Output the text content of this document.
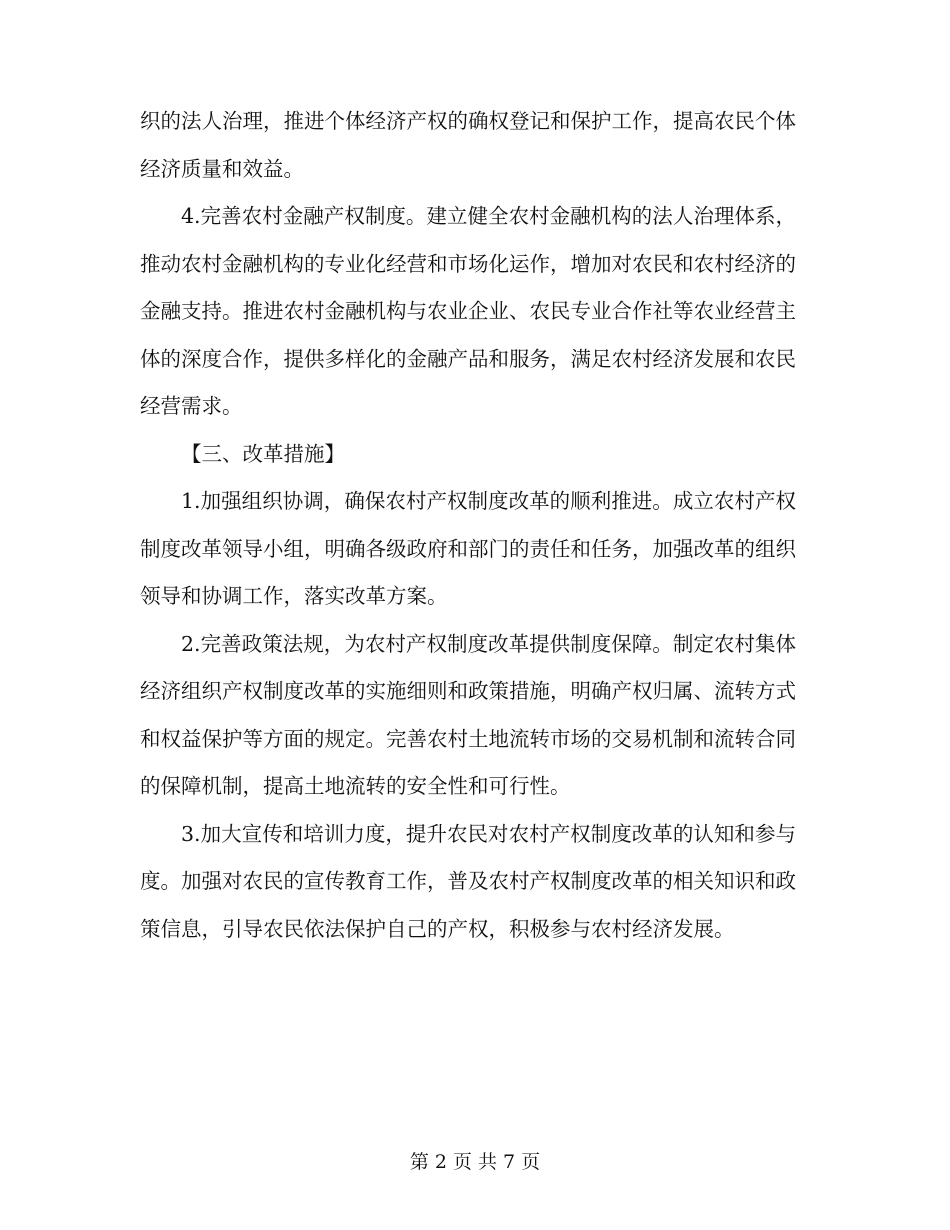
织的法人治理，推进个体经济产权的确权登记和保护工作，提高农民个体经济质量和效益。

4.完善农村金融产权制度。建立健全农村金融机构的法人治理体系，推动农村金融机构的专业化经营和市场化运作，增加对农民和农村经济的金融支持。推进农村金融机构与农业企业、农民专业合作社等农业经营主体的深度合作，提供多样化的金融产品和服务，满足农村经济发展和农民经营需求。

【三、改革措施】

1.加强组织协调，确保农村产权制度改革的顺利推进。成立农村产权制度改革领导小组，明确各级政府和部门的责任和任务，加强改革的组织领导和协调工作，落实改革方案。

2.完善政策法规，为农村产权制度改革提供制度保障。制定农村集体经济组织产权制度改革的实施细则和政策措施，明确产权归属、流转方式和权益保护等方面的规定。完善农村土地流转市场的交易机制和流转合同的保障机制，提高土地流转的安全性和可行性。

3.加大宣传和培训力度，提升农民对农村产权制度改革的认知和参与度。加强对农民的宣传教育工作，普及农村产权制度改革的相关知识和政策信息，引导农民依法保护自己的产权，积极参与农村经济发展。

第 2 页 共 7 页
